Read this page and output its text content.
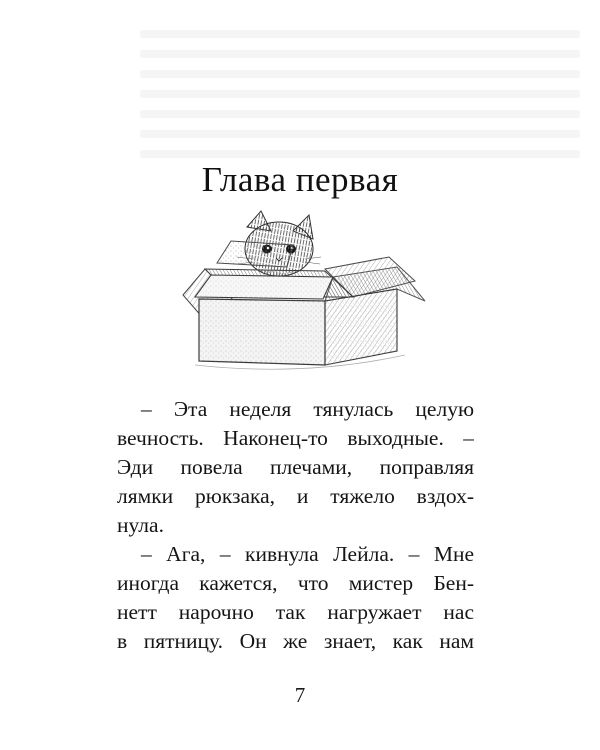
Глава первая
– Эта неделя тянулась целую
вечность. Наконец-то выходные. –
Эди повела плечами, поправляя
лямки рюкзака, и тяжело вздох-
нула.
– Ага, – кивнула Лейла. – Мне
иногда кажется, что мистер Бен-
нетт нарочно так нагружает нас
в пятницу. Он же знает, как нам
7
